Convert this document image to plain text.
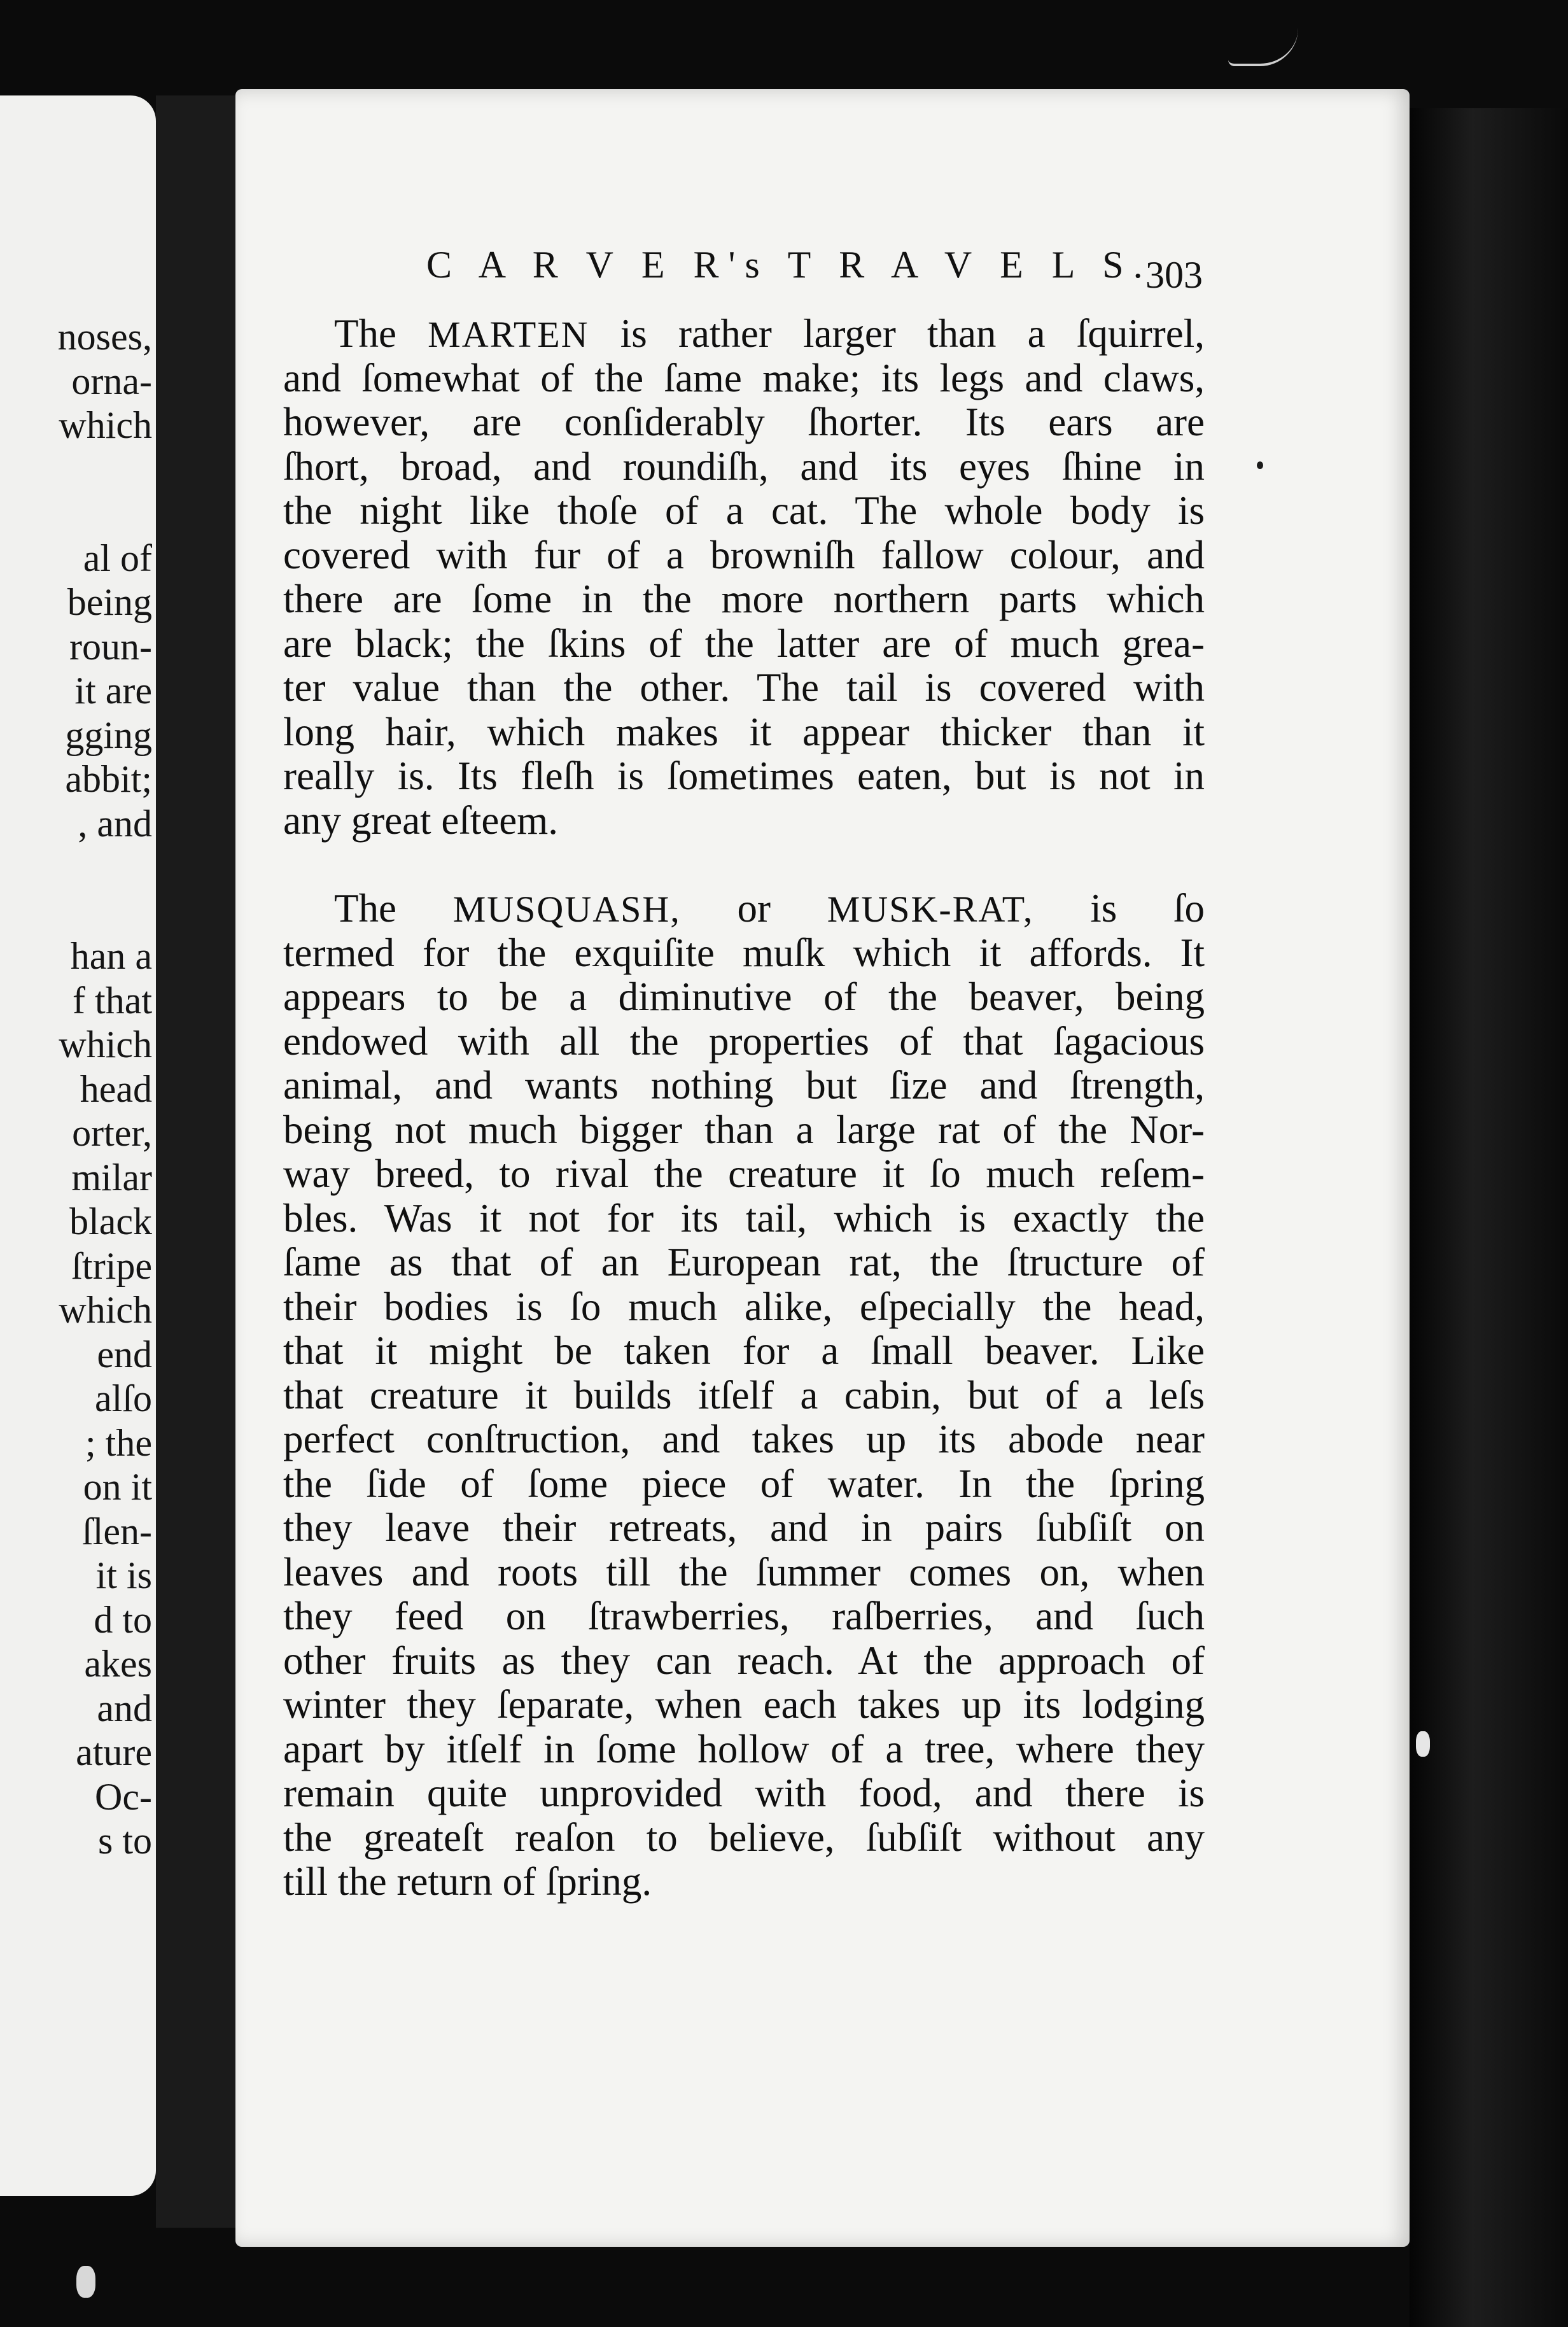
noses,
orna-
which
al of
being
roun-
it are
gging
abbit;
, and
han a
f that
which
head
orter,
milar
black
ſtripe
which
end
alſo
; the
on it
ſlen-
it is
d to
akes
and
ature
Oc-
s to
C A R V E R's T R A V E L S.
303
The MARTEN is rather larger than a ſquirrel,
and ſomewhat of the ſame make; its legs and claws,
however, are conſiderably ſhorter. Its ears are
ſhort, broad, and roundiſh, and its eyes ſhine in
the night like thoſe of a cat. The whole body is
covered with fur of a browniſh fallow colour, and
there are ſome in the more northern parts which
are black; the ſkins of the latter are of much grea-
ter value than the other. The tail is covered with
long hair, which makes it appear thicker than it
really is. Its fleſh is ſometimes eaten, but is not in
any great eſteem.
The MUSQUASH, or MUSK-RAT, is ſo
termed for the exquiſite muſk which it affords. It
appears to be a diminutive of the beaver, being
endowed with all the properties of that ſagacious
animal, and wants nothing but ſize and ſtrength,
being not much bigger than a large rat of the Nor-
way breed, to rival the creature it ſo much reſem-
bles. Was it not for its tail, which is exactly the
ſame as that of an European rat, the ſtructure of
their bodies is ſo much alike, eſpecially the head,
that it might be taken for a ſmall beaver. Like
that creature it builds itſelf a cabin, but of a leſs
perfect conſtruction, and takes up its abode near
the ſide of ſome piece of water. In the ſpring
they leave their retreats, and in pairs ſubſiſt on
leaves and roots till the ſummer comes on, when
they feed on ſtrawberries, raſberries, and ſuch
other fruits as they can reach. At the approach of
winter they ſeparate, when each takes up its lodging
apart by itſelf in ſome hollow of a tree, where they
remain quite unprovided with food, and there is
the greateſt reaſon to believe, ſubſiſt without any
till the return of ſpring.
